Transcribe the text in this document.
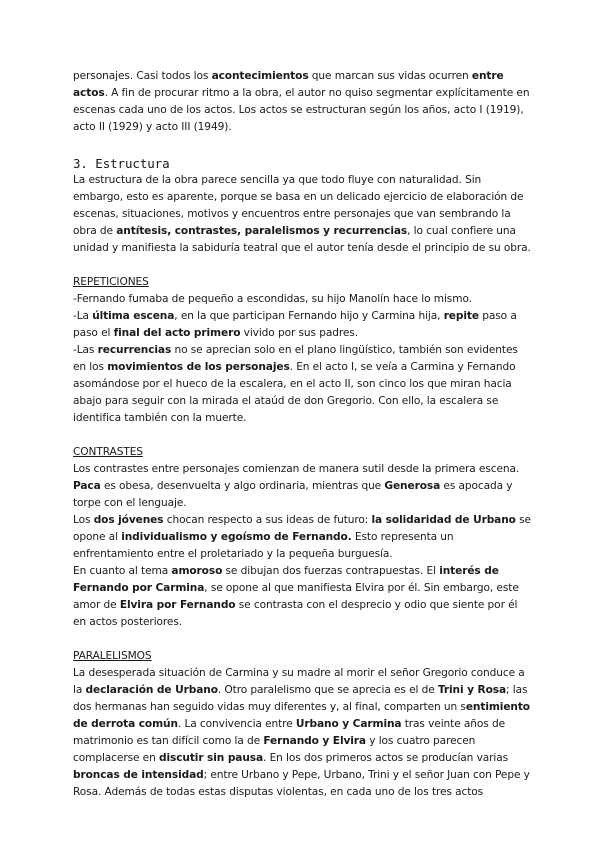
personajes. Casi todos los acontecimientos que marcan sus vidas ocurren entre actos. A fin de procurar ritmo a la obra, el autor no quiso segmentar explícitamente en escenas cada uno de los actos. Los actos se estructuran según los años, acto I (1919), acto II (1929) y acto III (1949).

3. Estructura

La estructura de la obra parece sencilla ya que todo fluye con naturalidad. Sin embargo, esto es aparente, porque se basa en un delicado ejercicio de elaboración de escenas, situaciones, motivos y encuentros entre personajes que van sembrando la obra de antítesis, contrastes, paralelismos y recurrencias, lo cual confiere una unidad y manifiesta la sabiduría teatral que el autor tenía desde el principio de su obra.

REPETICIONES

-Fernando fumaba de pequeño a escondidas, su hijo Manolín hace lo mismo.

-La última escena, en la que participan Fernando hijo y Carmina hija, repite paso a paso el final del acto primero vivido por sus padres.

-Las recurrencias no se aprecian solo en el plano lingüístico, también son evidentes en los movimientos de los personajes. En el acto I, se veía a Carmina y Fernando asomándose por el hueco de la escalera, en el acto II, son cinco los que miran hacia abajo para seguir con la mirada el ataúd de don Gregorio. Con ello, la escalera se identifica también con la muerte.

CONTRASTES

Los contrastes entre personajes comienzan de manera sutil desde la primera escena. Paca es obesa, desenvuelta y algo ordinaria, mientras que Generosa es apocada y torpe con el lenguaje.

Los dos jóvenes chocan respecto a sus ideas de futuro: la solidaridad de Urbano se opone al individualismo y egoísmo de Fernando. Esto representa un enfrentamiento entre el proletariado y la pequeña burguesía.

En cuanto al tema amoroso se dibujan dos fuerzas contrapuestas. El interés de Fernando por Carmina, se opone al que manifiesta Elvira por él. Sin embargo, este amor de Elvira por Fernando se contrasta con el desprecio y odio que siente por él en actos posteriores.

PARALELISMOS

La desesperada situación de Carmina y su madre al morir el señor Gregorio conduce a la declaración de Urbano. Otro paralelismo que se aprecia es el de Trini y Rosa; las dos hermanas han seguido vidas muy diferentes y, al final, comparten un sentimiento de derrota común. La convivencia entre Urbano y Carmina tras veinte años de matrimonio es tan difícil como la de Fernando y Elvira y los cuatro parecen complacerse en discutir sin pausa. En los dos primeros actos se producían varias broncas de intensidad; entre Urbano y Pepe, Urbano, Trini y el señor Juan con Pepe y Rosa. Además de todas estas disputas violentas, en cada uno de los tres actos
